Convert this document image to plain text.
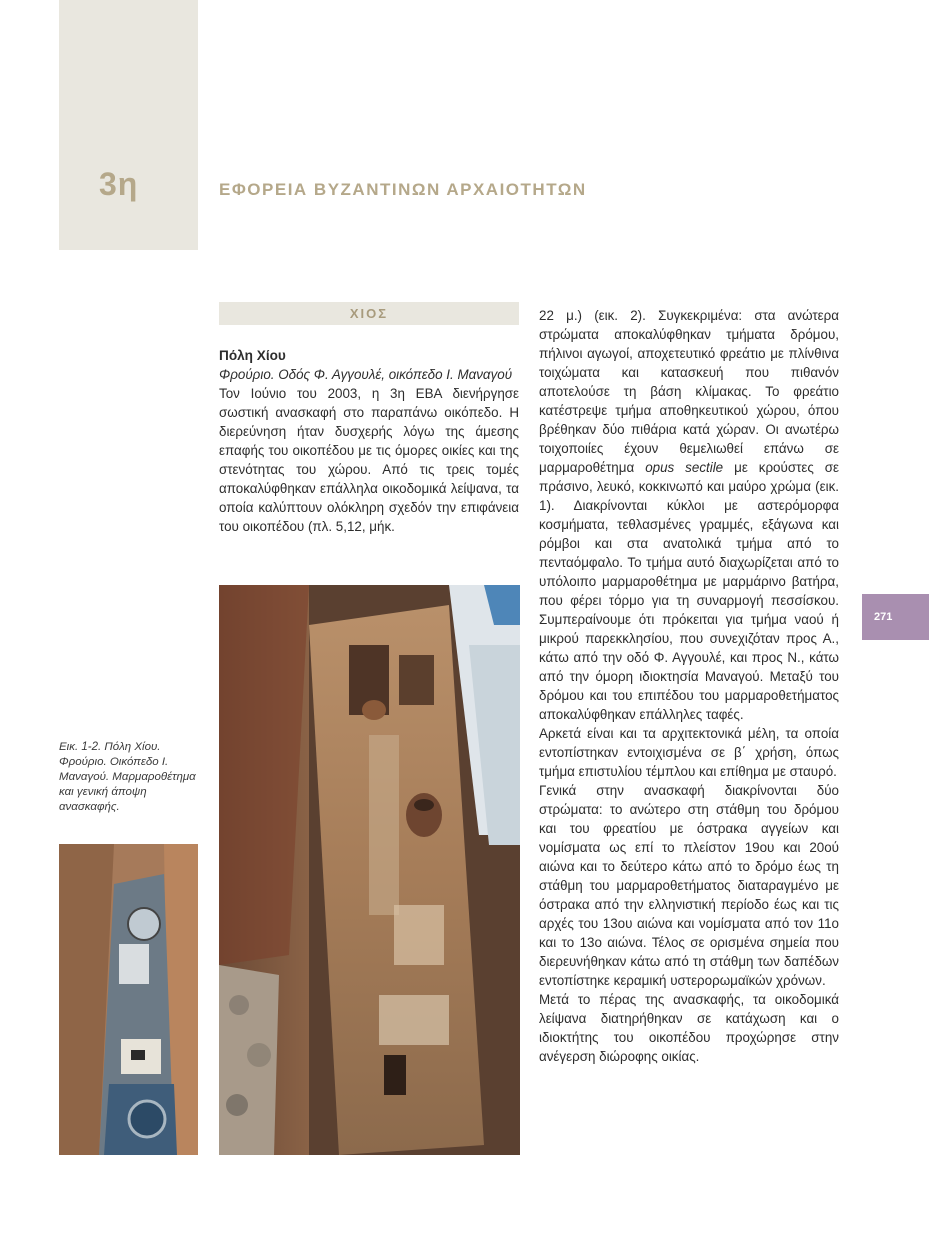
3η	ΕΦΟΡΕΙΑ ΒΥΖΑΝΤΙΝΩΝ ΑΡΧΑΙΟΤΗΤΩΝ
ΧΙΟΣ
Πόλη Χίου
Φρούριο. Οδός Φ. Αγγουλέ, οικόπεδο Ι. Μαναγού

Τον Ιούνιο του 2003, η 3η ΕΒΑ διενήργησε σωστική ανασκαφή στο παραπάνω οικόπεδο. Η διερεύνηση ήταν δυσχερής λόγω της άμεσης επαφής του οικοπέδου με τις όμορες οικίες και της στενότητας του χώρου. Από τις τρεις τομές αποκαλύφθηκαν επάλληλα οικοδομικά λείψανα, τα οποία καλύπτουν ολόκληρη σχεδόν την επιφάνεια του οικοπέδου (πλ. 5,12, μήκ.

Εικ. 1-2. Πόλη Χίου. Φρούριο. Οικόπεδο Ι. Μαναγού. Μαρμαροθέτημα και γενική άποψη ανασκαφής.

22 μ.) (εικ. 2). Συγκεκριμένα: στα ανώτερα στρώματα αποκαλύφθηκαν τμήματα δρόμου, πήλινοι αγωγοί, αποχετευτικό φρεάτιο με πλίνθινα τοιχώματα και κατασκευή που πιθανόν αποτελούσε τη βάση κλίμακας. Το φρεάτιο κατέστρεψε τμήμα αποθηκευτικού χώρου, όπου βρέθηκαν δύο πιθάρια κατά χώραν. Οι ανωτέρω τοιχοποιίες έχουν θεμελιωθεί επάνω σε μαρμαροθέτημα opus sectile με κρούστες σε πράσινο, λευκό, κοκκινωπό και μαύρο χρώμα (εικ. 1). Διακρίνονται κύκλοι με αστερόμορφα κοσμήματα, τεθλασμένες γραμμές, εξάγωνα και ρόμβοι και στα ανατολικά τμήμα από το πενταόμφαλο. Το τμήμα αυτό διαχωρίζεται από το υπόλοιπο μαρμαροθέτημα με μαρμάρινο βατήρα, που φέρει τόρμο για τη συναρμογή πεσσίσκου. Συμπεραίνουμε ότι πρόκειται για τμήμα ναού ή μικρού παρεκκλησίου, που συνεχιζόταν προς Α., κάτω από την οδό Φ. Αγγουλέ, και προς Ν., κάτω από την όμορη ιδιοκτησία Μαναγού. Μεταξύ του δρόμου και του επιπέδου του μαρμαροθετήματος αποκαλύφθηκαν επάλληλες ταφές.

Αρκετά είναι και τα αρχιτεκτονικά μέλη, τα οποία εντοπίστηκαν εντοιχισμένα σε β΄ χρήση, όπως τμήμα επιστυλίου τέμπλου και επίθημα με σταυρό.

Γενικά στην ανασκαφή διακρίνονται δύο στρώματα: το ανώτερο στη στάθμη του δρόμου και του φρεατίου με όστρακα αγγείων και νομίσματα ως επί το πλείστον 19ου και 20ού αιώνα και το δεύτερο κάτω από το δρόμο έως τη στάθμη του μαρμαροθετήματος διαταραγμένο με όστρακα από την ελληνιστική περίοδο έως και τις αρχές του 13ου αιώνα και νομίσματα από τον 11ο και το 13ο αιώνα. Τέλος σε ορισμένα σημεία που διερευνήθηκαν κάτω από τη στάθμη των δαπέδων εντοπίστηκε κεραμική υστερορωμαϊκών χρόνων.

Μετά το πέρας της ανασκαφής, τα οικοδομικά λείψανα διατηρήθηκαν σε κατάχωση και ο ιδιοκτήτης του οικοπέδου προχώρησε στην ανέγερση διώροφης οικίας.

271
